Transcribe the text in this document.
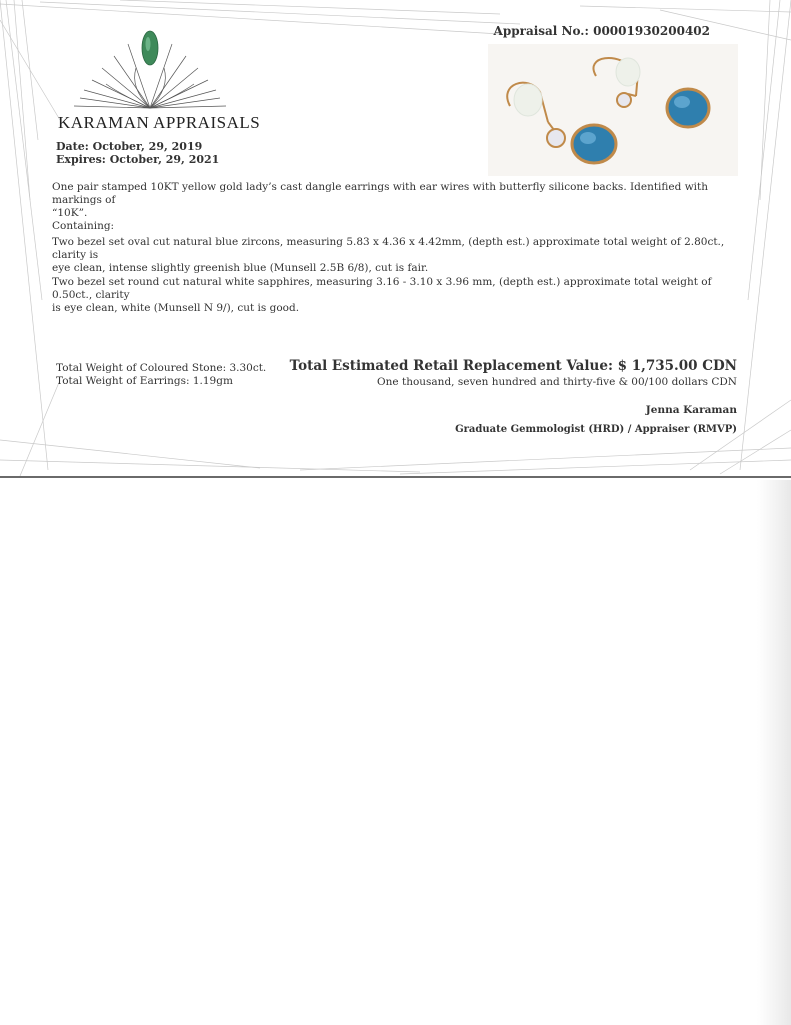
Appraisal No.: 00001930200402
KARAMAN APPRAISALS
Date: October, 29, 2019
Expires: October, 29, 2021
One pair stamped 10KT yellow gold lady’s cast dangle earrings with ear wires with butterfly silicone backs. Identified with markings of
“10K”.
Containing:
Two bezel set oval cut natural blue zircons, measuring 5.83 x 4.36 x 4.42mm, (depth est.) approximate total weight of 2.80ct., clarity is
eye clean, intense slightly greenish blue (Munsell 2.5B 6/8), cut is fair.
Two bezel set round cut natural white sapphires, measuring 3.16 - 3.10 x 3.96 mm, (depth est.) approximate total weight of 0.50ct., clarity
is eye clean, white (Munsell N 9/), cut is good.
Total Weight of Coloured Stone: 3.30ct.
Total Weight of Earrings: 1.19gm
Total Estimated Retail Replacement Value: $ 1,735.00 CDN
One thousand, seven hundred and thirty-five & 00/100 dollars CDN
Jenna Karaman
Graduate Gemmologist (HRD) / Appraiser (RMVP)
